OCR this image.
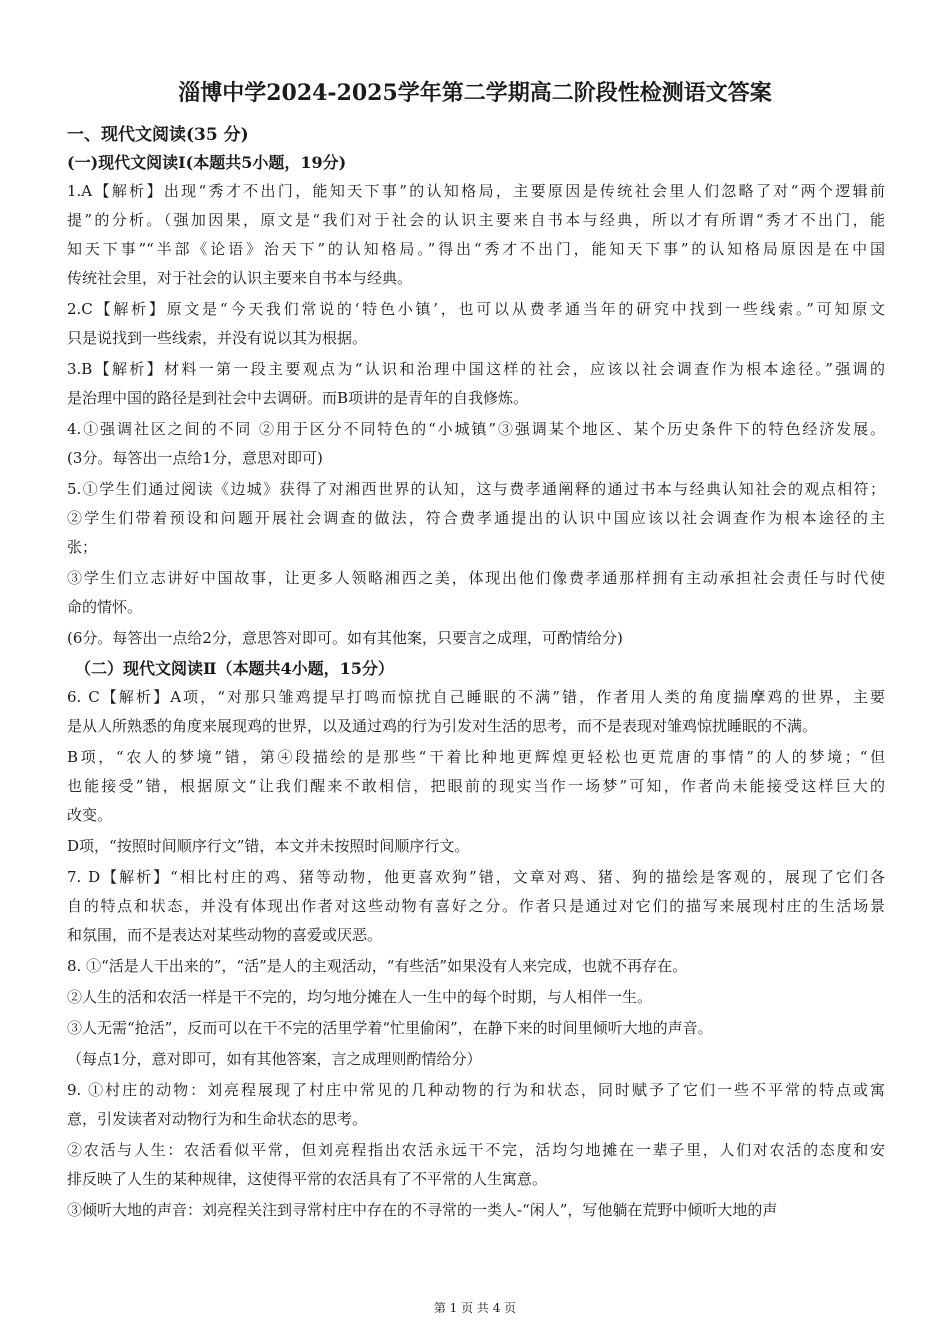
淄博中学2024-2025学年第二学期高二阶段性检测语文答案
一、现代文阅读(35 分)
(一)现代文阅读Ⅰ(本题共5小题，19分)
1.A【解析】出现“秀才不出门，能知天下事”的认知格局，主要原因是传统社会里人们忽略了对“两个逻辑前
提”的分析。（强加因果，原文是“我们对于社会的认识主要来自书本与经典，所以才有所谓“秀才不出门，能
知天下事”“半部《论语》治天下”的认知格局。”得出“秀才不出门，能知天下事”的认知格局原因是在中国
传统社会里，对于社会的认识主要来自书本与经典。
2.C【解析】原文是“今天我们常说的‘特色小镇’，也可以从费孝通当年的研究中找到一些线索。”可知原文
只是说找到一些线索，并没有说以其为根据。
3.B【解析】材料一第一段主要观点为“认识和治理中国这样的社会，应该以社会调查作为根本途径。”强调的
是治理中国的路径是到社会中去调研。而B项讲的是青年的自我修炼。
4.①强调社区之间的不同 ②用于区分不同特色的“小城镇”③强调某个地区、某个历史条件下的特色经济发展。
(3分。每答出一点给1分，意思对即可)
5.①学生们通过阅读《边城》获得了对湘西世界的认知，这与费孝通阐释的通过书本与经典认知社会的观点相符；
②学生们带着预设和问题开展社会调查的做法，符合费孝通提出的认识中国应该以社会调查作为根本途径的主
张；
③学生们立志讲好中国故事，让更多人领略湘西之美，体现出他们像费孝通那样拥有主动承担社会责任与时代使
命的情怀。
(6分。每答出一点给2分，意思答对即可。如有其他案，只要言之成理，可酌情给分)
（二）现代文阅读Ⅱ（本题共4小题，15分）
6. C【解析】A项，“对那只雏鸡提早打鸣而惊扰自己睡眠的不满”错，作者用人类的角度揣摩鸡的世界，主要
是从人所熟悉的角度来展现鸡的世界，以及通过鸡的行为引发对生活的思考，而不是表现对雏鸡惊扰睡眠的不满。
B项，“农人的梦境”错，第④段描绘的是那些“干着比种地更辉煌更轻松也更荒唐的事情”的人的梦境；“但
也能接受”错，根据原文“让我们醒来不敢相信，把眼前的现实当作一场梦”可知，作者尚未能接受这样巨大的
改变。
D项，“按照时间顺序行文”错，本文并未按照时间顺序行文。
7. D【解析】“相比村庄的鸡、猪等动物，他更喜欢狗”错，文章对鸡、猪、狗的描绘是客观的，展现了它们各
自的特点和状态，并没有体现出作者对这些动物有喜好之分。作者只是通过对它们的描写来展现村庄的生活场景
和氛围，而不是表达对某些动物的喜爱或厌恶。
8. ①“活是人干出来的”，“活”是人的主观活动，“有些活”如果没有人来完成，也就不再存在。
②人生的活和农活一样是干不完的，均匀地分摊在人一生中的每个时期，与人相伴一生。
③人无需“抢活”，反而可以在干不完的活里学着“忙里偷闲”，在静下来的时间里倾听大地的声音。
（每点1分，意对即可，如有其他答案，言之成理则酌情给分）
9. ①村庄的动物：刘亮程展现了村庄中常见的几种动物的行为和状态，同时赋予了它们一些不平常的特点或寓
意，引发读者对动物行为和生命状态的思考。
②农活与人生：农活看似平常，但刘亮程指出农活永远干不完，活均匀地摊在一辈子里，人们对农活的态度和安
排反映了人生的某种规律，这使得平常的农活具有了不平常的人生寓意。
③倾听大地的声音：刘亮程关注到寻常村庄中存在的不寻常的一类人-“闲人”，写他躺在荒野中倾听大地的声
第 1 页 共 4 页
